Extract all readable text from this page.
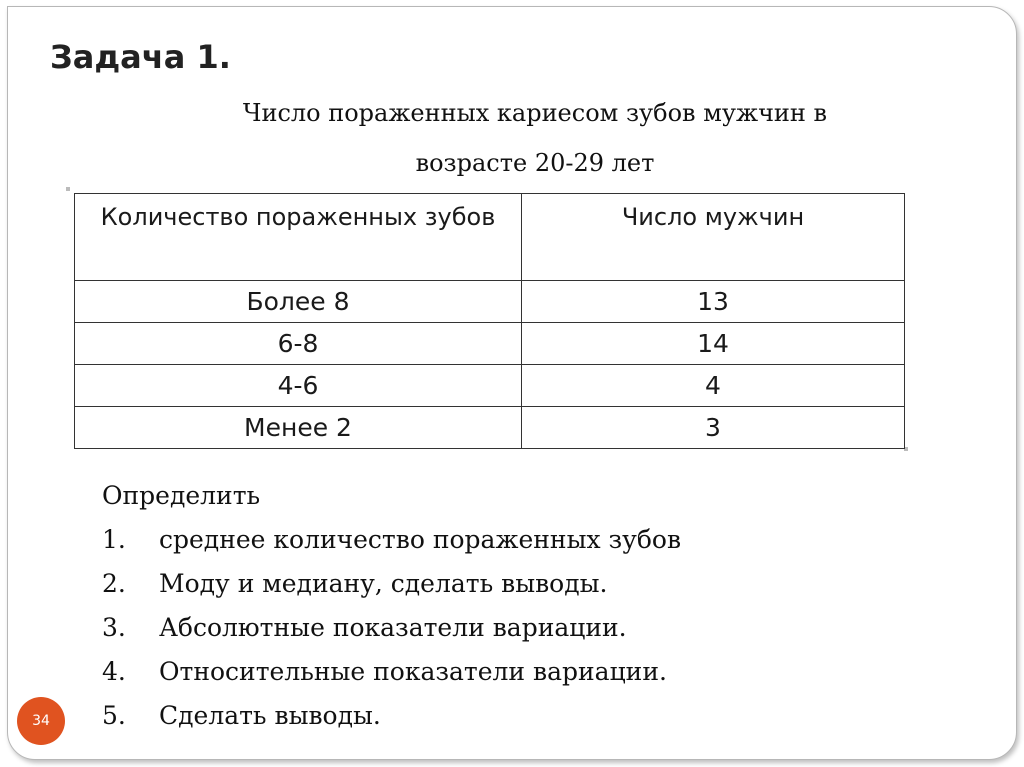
Задача 1.
Число пораженных кариесом зубов мужчин в
возрасте 20-29 лет
Количество пораженных зубов	Число мужчин
Более 8	13
6-8	14
4-6	4
Менее 2	3
Определить
1. среднее количество пораженных зубов
2. Моду и медиану, сделать выводы.
3. Абсолютные показатели вариации.
4. Относительные показатели вариации.
5. Сделать выводы.
34
